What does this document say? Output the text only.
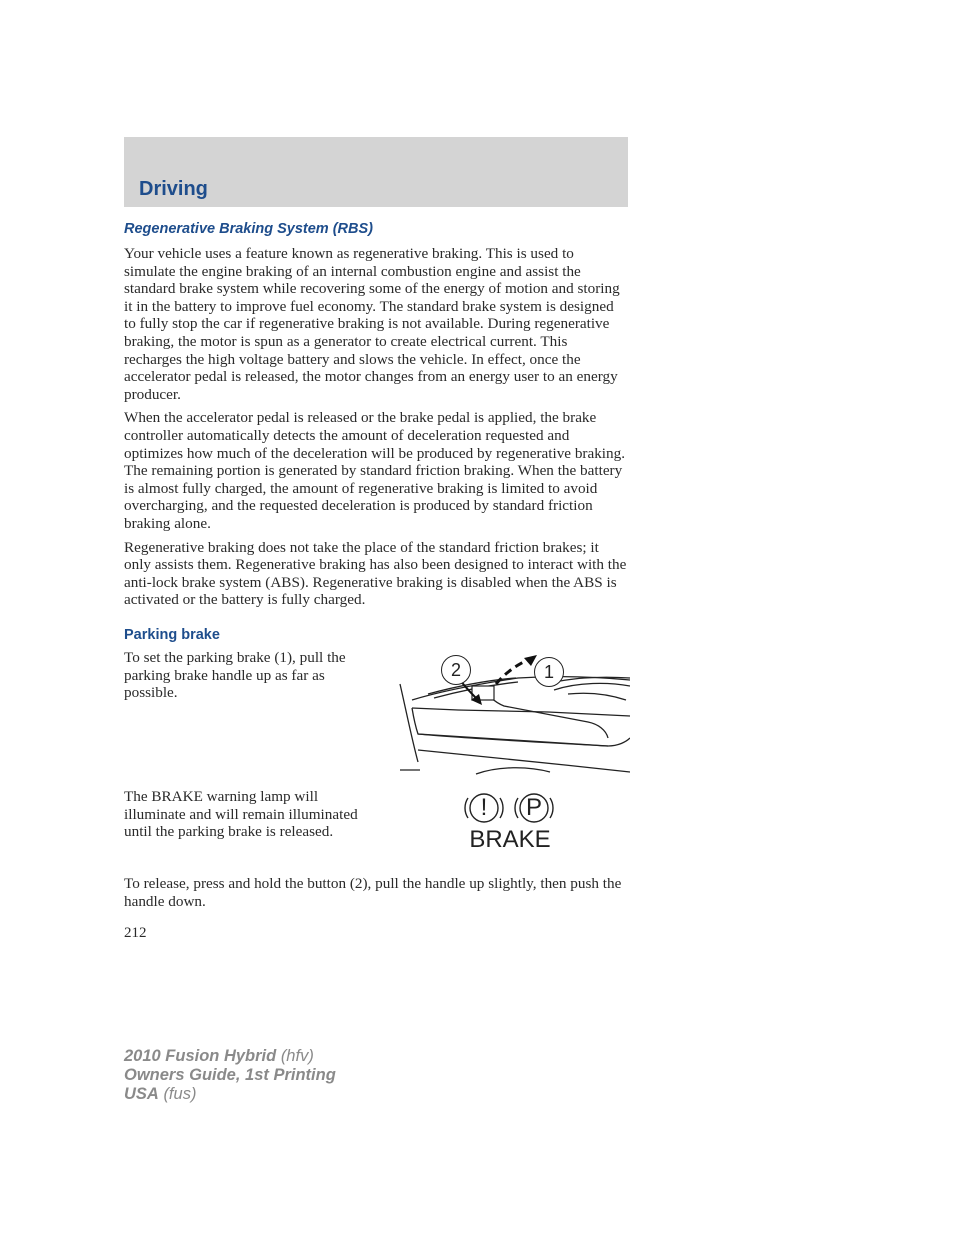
Driving
Regenerative Braking System (RBS)

Your vehicle uses a feature known as regenerative braking. This is used to simulate the engine braking of an internal combustion engine and assist the standard brake system while recovering some of the energy of motion and storing it in the battery to improve fuel economy. The standard brake system is designed to fully stop the car if regenerative braking is not available. During regenerative braking, the motor is spun as a generator to create electrical current. This recharges the high voltage battery and slows the vehicle. In effect, once the accelerator pedal is released, the motor changes from an energy user to an energy producer.

When the accelerator pedal is released or the brake pedal is applied, the brake controller automatically detects the amount of deceleration requested and optimizes how much of the deceleration will be produced by regenerative braking. The remaining portion is generated by standard friction braking. When the battery is almost fully charged, the amount of regenerative braking is limited to avoid overcharging, and the requested deceleration is produced by standard friction braking alone.

Regenerative braking does not take the place of the standard friction brakes; it only assists them. Regenerative braking has also been designed to interact with the anti-lock brake system (ABS). Regenerative braking is disabled when the ABS is activated or the battery is fully charged.

Parking brake

To set the parking brake (1), pull the parking brake handle up as far as possible.

2	1

The BRAKE warning lamp will illuminate and will remain illuminated until the parking brake is released.

!	P
BRAKE

To release, press and hold the button (2), pull the handle up slightly, then push the handle down.

212
2010 Fusion Hybrid (hfv)
Owners Guide, 1st Printing
USA (fus)
